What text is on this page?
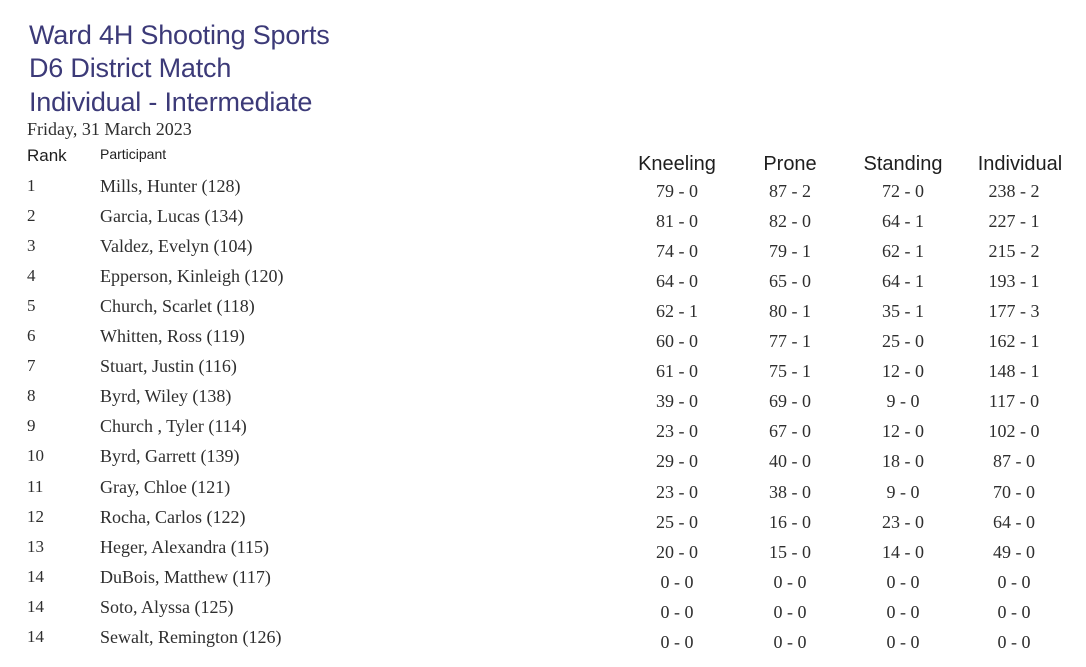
Ward 4H Shooting Sports
D6 District Match
Individual - Intermediate
Friday, 31 March 2023
Rank Participant	Kneeling	Prone	Standing	Individual
1	Mills, Hunter (128)	79 - 0	87 - 2	72 - 0	238 - 2
2	Garcia, Lucas (134)	81 - 0	82 - 0	64 - 1	227 - 1
3	Valdez, Evelyn (104)	74 - 0	79 - 1	62 - 1	215 - 2
4	Epperson, Kinleigh (120)	64 - 0	65 - 0	64 - 1	193 - 1
5	Church, Scarlet (118)	62 - 1	80 - 1	35 - 1	177 - 3
6	Whitten, Ross (119)	60 - 0	77 - 1	25 - 0	162 - 1
7	Stuart, Justin (116)	61 - 0	75 - 1	12 - 0	148 - 1
8	Byrd, Wiley (138)	39 - 0	69 - 0	9 - 0	117 - 0
9	Church , Tyler (114)	23 - 0	67 - 0	12 - 0	102 - 0
10	Byrd, Garrett (139)	29 - 0	40 - 0	18 - 0	87 - 0
11	Gray, Chloe (121)	23 - 0	38 - 0	9 - 0	70 - 0
12	Rocha, Carlos (122)	25 - 0	16 - 0	23 - 0	64 - 0
13	Heger, Alexandra (115)	20 - 0	15 - 0	14 - 0	49 - 0
14	DuBois, Matthew (117)	0 - 0	0 - 0	0 - 0	0 - 0
14	Soto, Alyssa (125)	0 - 0	0 - 0	0 - 0	0 - 0
14	Sewalt, Remington (126)	0 - 0	0 - 0	0 - 0	0 - 0
